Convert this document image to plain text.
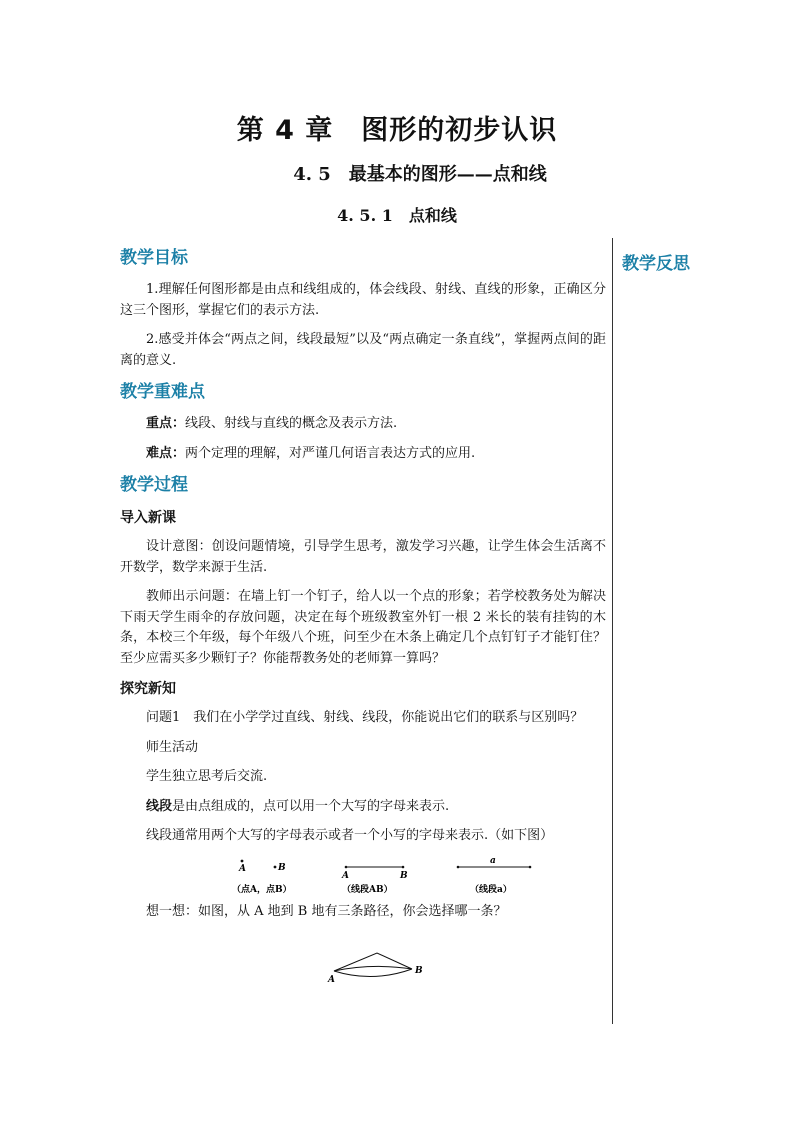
第 4 章　图形的初步认识
4. 5　最基本的图形——点和线
4. 5. 1　点和线
教学反思
教学目标

1.理解任何图形都是由点和线组成的，体会线段、射线、直线的形象，正确区分这三个图形，掌握它们的表示方法.

2.感受并体会“两点之间，线段最短”以及“两点确定一条直线”，掌握两点间的距离的意义.

教学重难点

重点：线段、射线与直线的概念及表示方法.

难点：两个定理的理解，对严谨几何语言表达方式的应用.

教学过程
导入新课

设计意图：创设问题情境，引导学生思考，激发学习兴趣，让学生体会生活离不开数学，数学来源于生活.

教师出示问题：在墙上钉一个钉子，给人以一个点的形象；若学校教务处为解决下雨天学生雨伞的存放问题，决定在每个班级教室外钉一根 2 米长的装有挂钩的木条，本校三个年级，每个年级八个班，问至少在木条上确定几个点钉钉子才能钉住？至少应需买多少颗钉子？你能帮教务处的老师算一算吗？

探究新知

问题1　我们在小学学过直线、射线、线段，你能说出它们的联系与区别吗？

师生活动

学生独立思考后交流.

线段是由点组成的，点可以用一个大写的字母来表示.

线段通常用两个大写的字母表示或者一个小写的字母来表示.（如下图）

A	B
（点A，点B）
A	B
（线段AB）
a
（线段a）

想一想：如图，从 A 地到 B 地有三条路径，你会选择哪一条？

A
B
